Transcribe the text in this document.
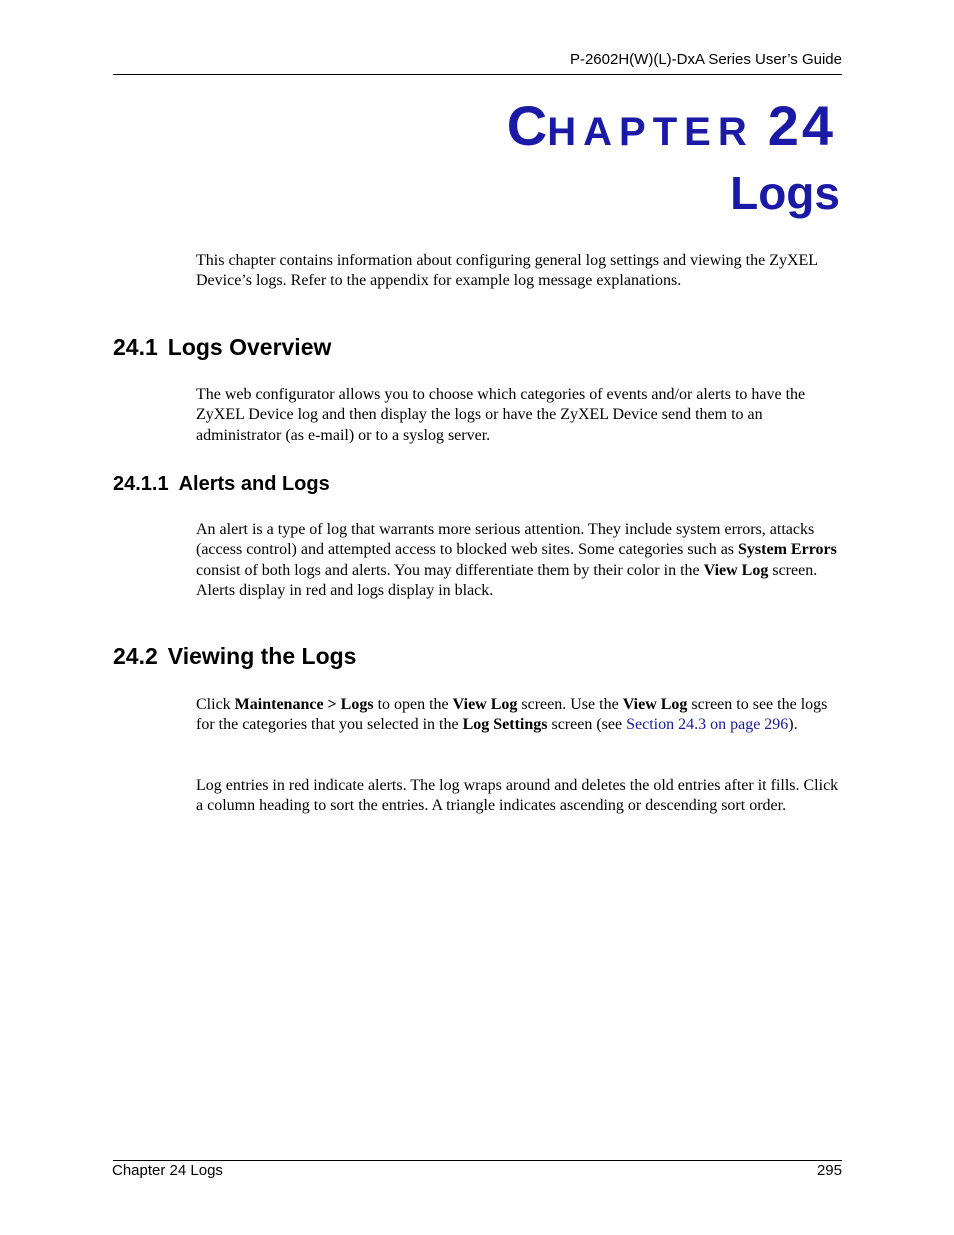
P-2602H(W)(L)-DxA Series User’s Guide
CHAPTER 24
Logs

This chapter contains information about configuring general log settings and viewing the ZyXEL Device’s logs. Refer to the appendix for example log message explanations.

24.1 Logs Overview

The web configurator allows you to choose which categories of events and/or alerts to have the ZyXEL Device log and then display the logs or have the ZyXEL Device send them to an administrator (as e-mail) or to a syslog server.

24.1.1 Alerts and Logs

An alert is a type of log that warrants more serious attention. They include system errors, attacks (access control) and attempted access to blocked web sites. Some categories such as System Errors consist of both logs and alerts. You may differentiate them by their color in the View Log screen. Alerts display in red and logs display in black.

24.2 Viewing the Logs

Click Maintenance > Logs to open the View Log screen. Use the View Log screen to see the logs for the categories that you selected in the Log Settings screen (see Section 24.3 on page 296).

Log entries in red indicate alerts. The log wraps around and deletes the old entries after it fills. Click a column heading to sort the entries. A triangle indicates ascending or descending sort order.

Chapter 24 Logs	295
